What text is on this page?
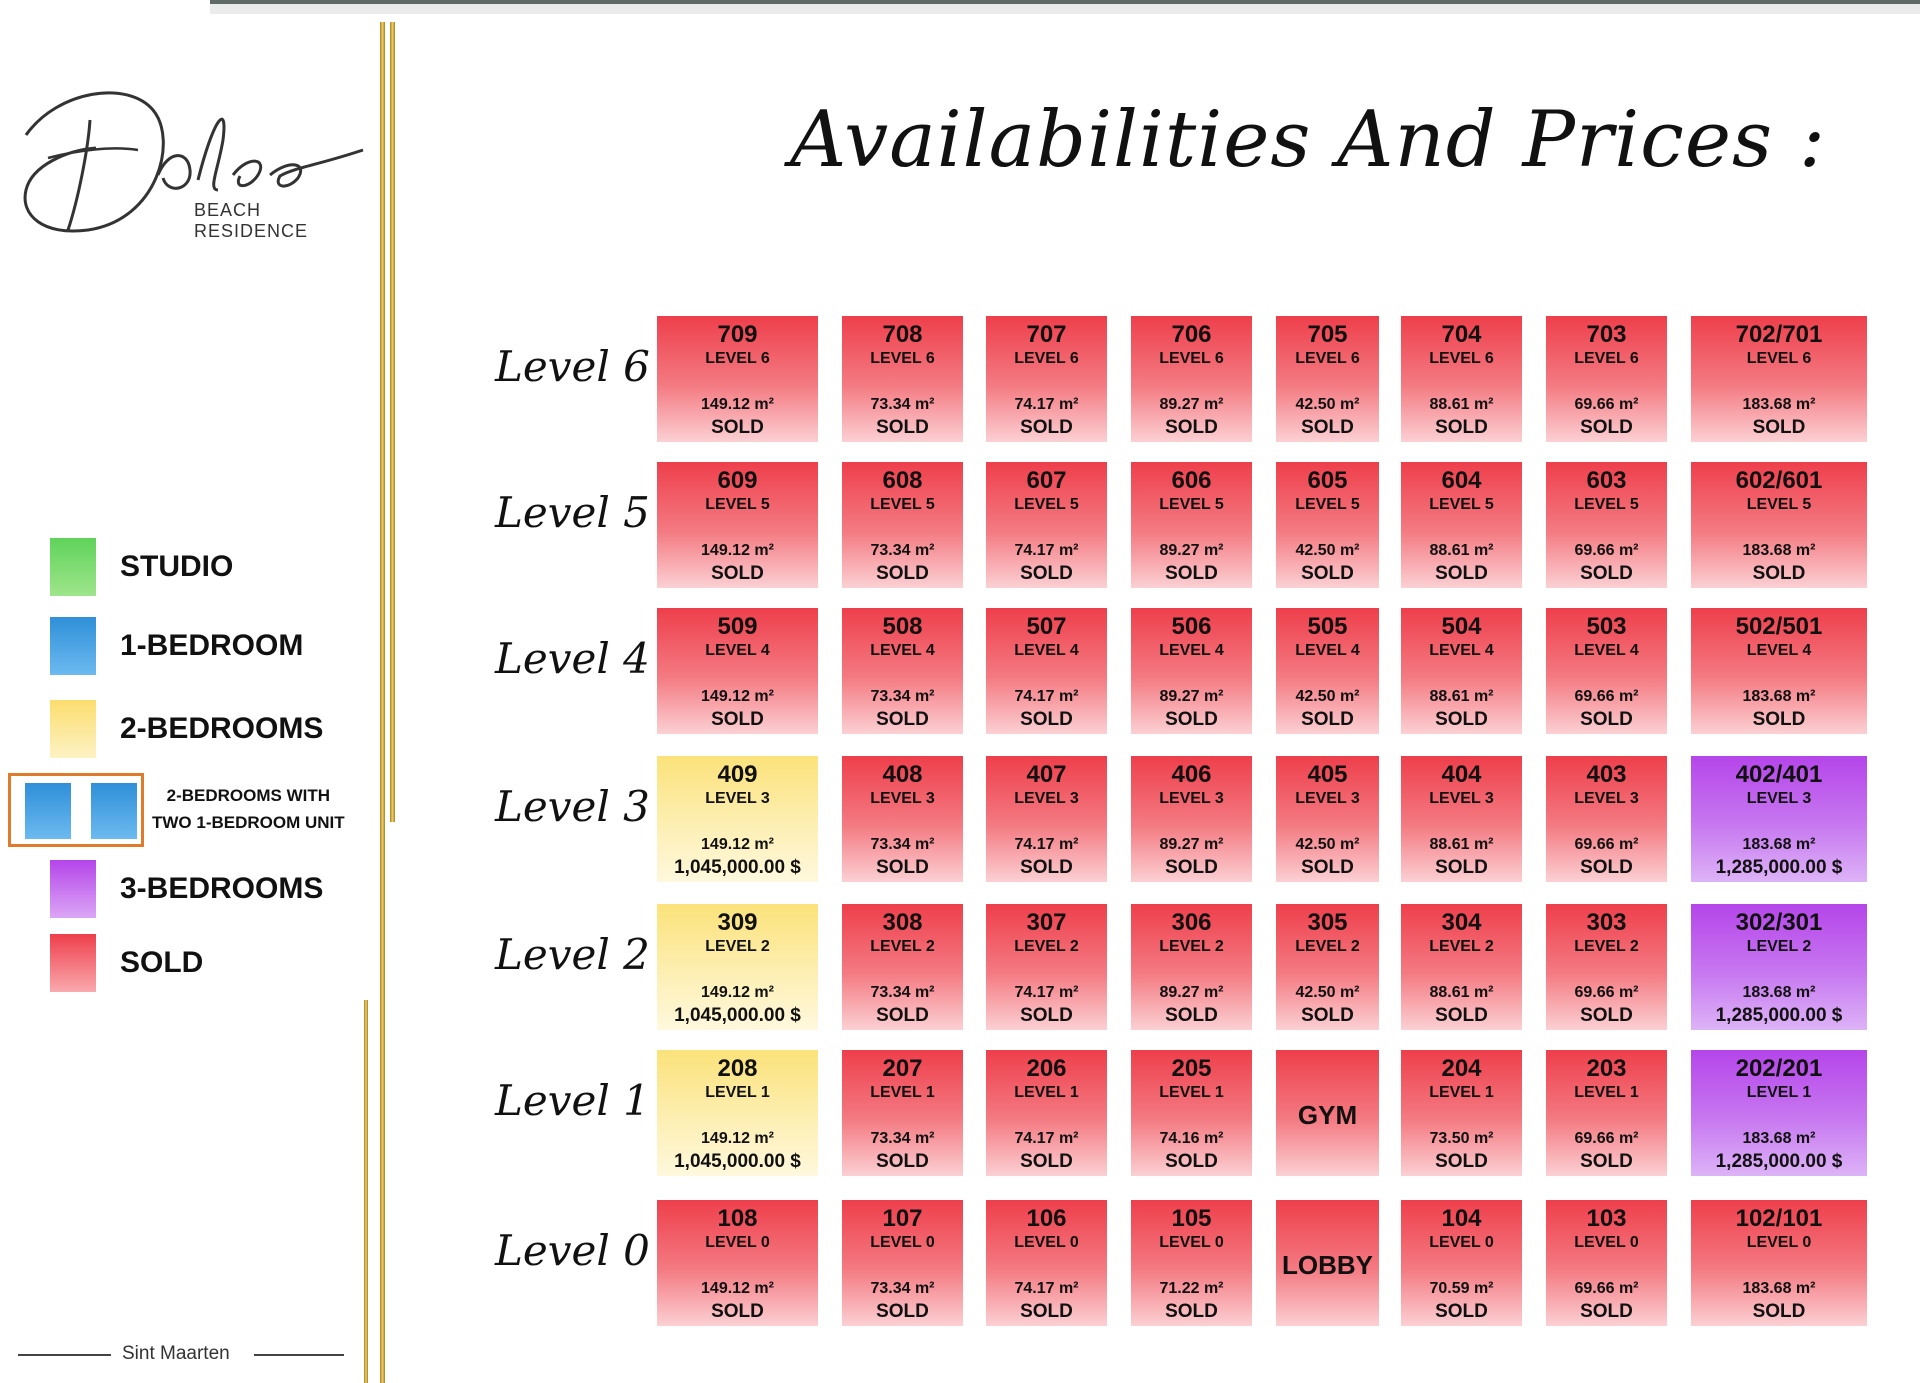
BEACH RESIDENCE
Availabilities And Prices :
STUDIO
1-BEDROOM
2-BEDROOMS
2-BEDROOMS WITH
TWO 1-BEDROOM UNIT
3-BEDROOMS
SOLD
Sint Maarten
Level 6
709
LEVEL 6
149.12 m²
SOLD
708
LEVEL 6
73.34 m²
SOLD
707
LEVEL 6
74.17 m²
SOLD
706
LEVEL 6
89.27 m²
SOLD
705
LEVEL 6
42.50 m²
SOLD
704
LEVEL 6
88.61 m²
SOLD
703
LEVEL 6
69.66 m²
SOLD
702/701
LEVEL 6
183.68 m²
SOLD
Level 5
609
LEVEL 5
149.12 m²
SOLD
608
LEVEL 5
73.34 m²
SOLD
607
LEVEL 5
74.17 m²
SOLD
606
LEVEL 5
89.27 m²
SOLD
605
LEVEL 5
42.50 m²
SOLD
604
LEVEL 5
88.61 m²
SOLD
603
LEVEL 5
69.66 m²
SOLD
602/601
LEVEL 5
183.68 m²
SOLD
Level 4
509
LEVEL 4
149.12 m²
SOLD
508
LEVEL 4
73.34 m²
SOLD
507
LEVEL 4
74.17 m²
SOLD
506
LEVEL 4
89.27 m²
SOLD
505
LEVEL 4
42.50 m²
SOLD
504
LEVEL 4
88.61 m²
SOLD
503
LEVEL 4
69.66 m²
SOLD
502/501
LEVEL 4
183.68 m²
SOLD
Level 3
409
LEVEL 3
149.12 m²
1,045,000.00 $
408
LEVEL 3
73.34 m²
SOLD
407
LEVEL 3
74.17 m²
SOLD
406
LEVEL 3
89.27 m²
SOLD
405
LEVEL 3
42.50 m²
SOLD
404
LEVEL 3
88.61 m²
SOLD
403
LEVEL 3
69.66 m²
SOLD
402/401
LEVEL 3
183.68 m²
1,285,000.00 $
Level 2
309
LEVEL 2
149.12 m²
1,045,000.00 $
308
LEVEL 2
73.34 m²
SOLD
307
LEVEL 2
74.17 m²
SOLD
306
LEVEL 2
89.27 m²
SOLD
305
LEVEL 2
42.50 m²
SOLD
304
LEVEL 2
88.61 m²
SOLD
303
LEVEL 2
69.66 m²
SOLD
302/301
LEVEL 2
183.68 m²
1,285,000.00 $
Level 1
208
LEVEL 1
149.12 m²
1,045,000.00 $
207
LEVEL 1
73.34 m²
SOLD
206
LEVEL 1
74.17 m²
SOLD
205
LEVEL 1
74.16 m²
SOLD
GYM
204
LEVEL 1
73.50 m²
SOLD
203
LEVEL 1
69.66 m²
SOLD
202/201
LEVEL 1
183.68 m²
1,285,000.00 $
Level 0
108
LEVEL 0
149.12 m²
SOLD
107
LEVEL 0
73.34 m²
SOLD
106
LEVEL 0
74.17 m²
SOLD
105
LEVEL 0
71.22 m²
SOLD
LOBBY
104
LEVEL 0
70.59 m²
SOLD
103
LEVEL 0
69.66 m²
SOLD
102/101
LEVEL 0
183.68 m²
SOLD
